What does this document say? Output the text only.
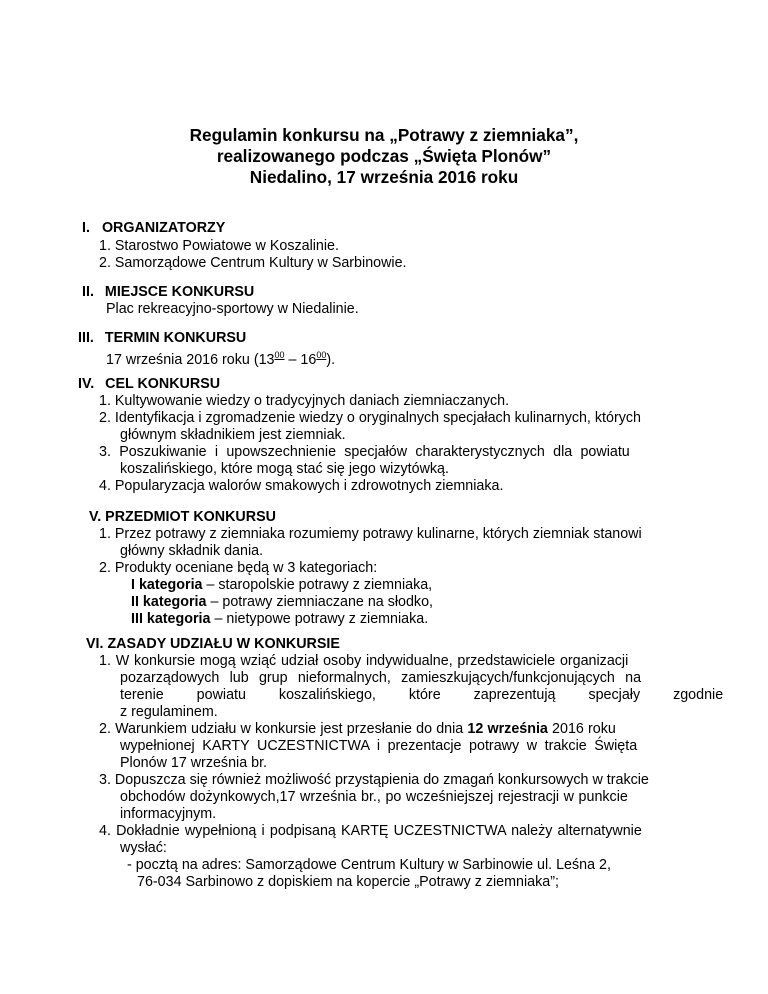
Regulamin konkursu na „Potrawy z ziemniaka”,
realizowanego podczas „Święta Plonów”
Niedalino, 17 września 2016 roku
I. ORGANIZATORZY
1. Starostwo Powiatowe w Koszalinie.
2. Samorządowe Centrum Kultury w Sarbinowie.
II. MIEJSCE KONKURSU
Plac rekreacyjno-sportowy w Niedalinie.
III. TERMIN KONKURSU
17 września 2016 roku $(13^{00} - 16^{00})$.
IV. CEL KONKURSU
1. Kultywowanie wiedzy o tradycyjnych daniach ziemniaczanych.
2. Identyfikacja i zgromadzenie wiedzy o oryginalnych specjałach kulinarnych, których
głównym składnikiem jest ziemniak.
3. Poszukiwanie i upowszechnienie specjałów charakterystycznych dla powiatu
koszalińskiego, które mogą stać się jego wizytówką.
4. Popularyzacja walorów smakowych i zdrowotnych ziemniaka.
V. PRZEDMIOT KONKURSU
1. Przez potrawy z ziemniaka rozumiemy potrawy kulinarne, których ziemniak stanowi
główny składnik dania.
2. Produkty oceniane będą w 3 kategoriach:
I kategoria – staropolskie potrawy z ziemniaka,
II kategoria – potrawy ziemniaczane na słodko,
III kategoria – nietypowe potrawy z ziemniaka.
VI. ZASADY UDZIAŁU W KONKURSIE
1. W konkursie mogą wziąć udział osoby indywidualne, przedstawiciele organizacji
pozarządowych lub grup nieformalnych, zamieszkujących/funkcjonujących na
terenie powiatu koszalińskiego, które zaprezentują specjały zgodnie
z regulaminem.
2. Warunkiem udziału w konkursie jest przesłanie do dnia 12 września 2016 roku
wypełnionej KARTY UCZESTNICTWA i prezentacje potrawy w trakcie Święta
Plonów 17 września br.
3. Dopuszcza się również możliwość przystąpienia do zmagań konkursowych w trakcie
obchodów dożynkowych,17 września br., po wcześniejszej rejestracji w punkcie
informacyjnym.
4. Dokładnie wypełnioną i podpisaną KARTĘ UCZESTNICTWA należy alternatywnie
wysłać:
- pocztą na adres: Samorządowe Centrum Kultury w Sarbinowie ul. Leśna 2,
76-034 Sarbinowo z dopiskiem na kopercie „Potrawy z ziemniaka”;
